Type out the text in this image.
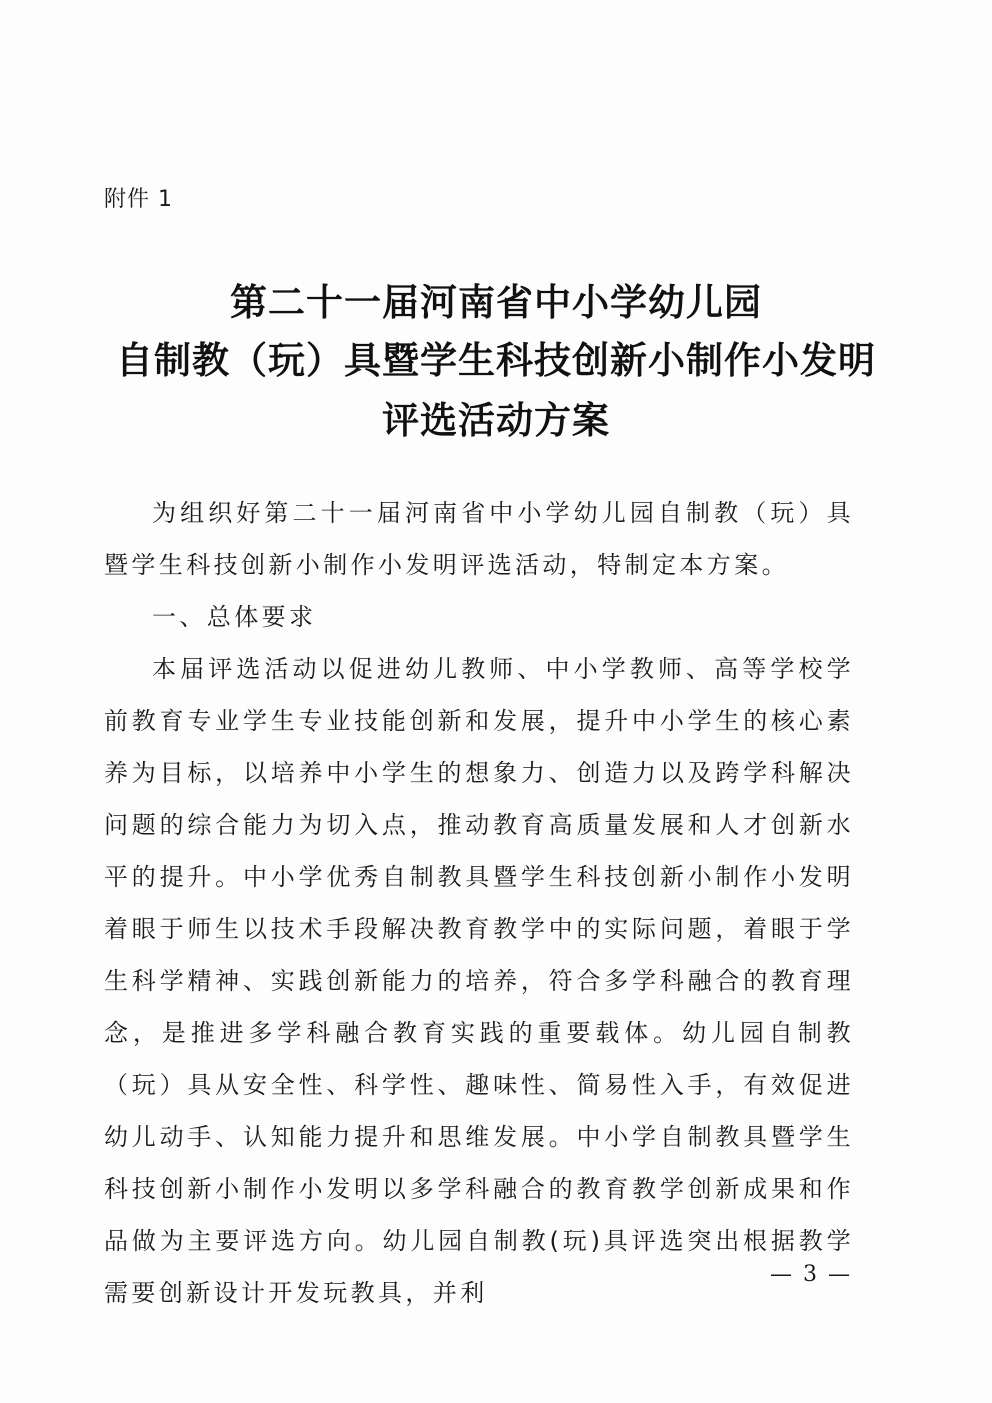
附件 1
第二十一届河南省中小学幼儿园
自制教（玩）具暨学生科技创新小制作小发明
评选活动方案

为组织好第二十一届河南省中小学幼儿园自制教（玩）具暨学生科技创新小制作小发明评选活动，特制定本方案。

一、总体要求

本届评选活动以促进幼儿教师、中小学教师、高等学校学前教育专业学生专业技能创新和发展，提升中小学生的核心素养为目标，以培养中小学生的想象力、创造力以及跨学科解决问题的综合能力为切入点，推动教育高质量发展和人才创新水平的提升。中小学优秀自制教具暨学生科技创新小制作小发明着眼于师生以技术手段解决教育教学中的实际问题，着眼于学生科学精神、实践创新能力的培养，符合多学科融合的教育理念，是推进多学科融合教育实践的重要载体。幼儿园自制教（玩）具从安全性、科学性、趣味性、简易性入手，有效促进幼儿动手、认知能力提升和思维发展。中小学自制教具暨学生科技创新小制作小发明以多学科融合的教育教学创新成果和作品做为主要评选方向。幼儿园自制教(玩)具评选突出根据教学需要创新设计开发玩教具，并利

— 3 —
